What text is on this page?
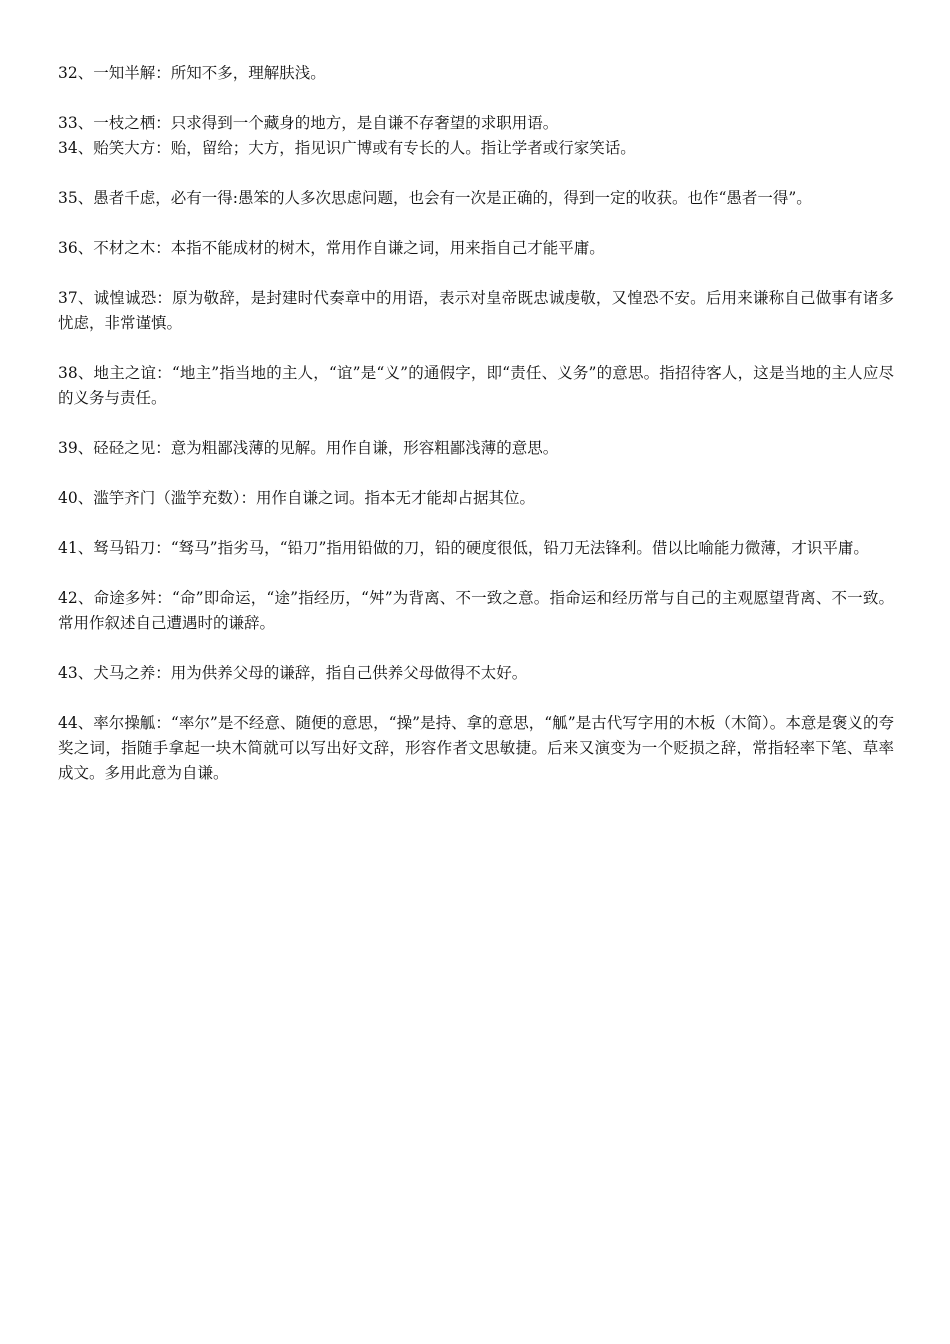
32、一知半解：所知不多，理解肤浅。

33、一枝之栖：只求得到一个藏身的地方，是自谦不存奢望的求职用语。

34、贻笑大方：贻，留给；大方，指见识广博或有专长的人。指让学者或行家笑话。

35、愚者千虑，必有一得:愚笨的人多次思虑问题，也会有一次是正确的，得到一定的收获。也作“愚者一得”。

36、不材之木：本指不能成材的树木，常用作自谦之词，用来指自己才能平庸。

37、诚惶诚恐：原为敬辞，是封建时代奏章中的用语，表示对皇帝既忠诚虔敬，又惶恐不安。后用来谦称自己做事有诸多忧虑，非常谨慎。

38、地主之谊：“地主”指当地的主人，“谊”是“义”的通假字，即“责任、义务”的意思。指招待客人，这是当地的主人应尽的义务与责任。

39、硁硁之见：意为粗鄙浅薄的见解。用作自谦，形容粗鄙浅薄的意思。

40、滥竽齐门（滥竽充数）：用作自谦之词。指本无才能却占据其位。

41、驽马铅刀：“驽马”指劣马，“铅刀”指用铅做的刀，铅的硬度很低，铅刀无法锋利。借以比喻能力微薄，才识平庸。

42、命途多舛：“命”即命运，“途”指经历，“舛”为背离、不一致之意。指命运和经历常与自己的主观愿望背离、不一致。常用作叙述自己遭遇时的谦辞。

43、犬马之养：用为供养父母的谦辞，指自己供养父母做得不太好。

44、率尔操觚：“率尔”是不经意、随便的意思，“操”是持、拿的意思，“觚”是古代写字用的木板（木简）。本意是褒义的夸奖之词，指随手拿起一块木简就可以写出好文辞，形容作者文思敏捷。后来又演变为一个贬损之辞，常指轻率下笔、草率成文。多用此意为自谦。
